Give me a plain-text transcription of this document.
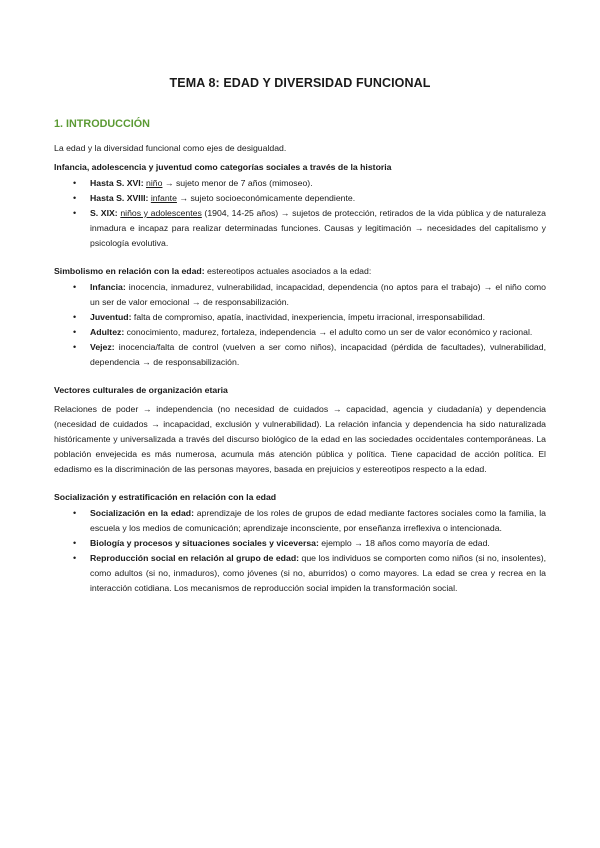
TEMA 8: EDAD Y DIVERSIDAD FUNCIONAL
1. INTRODUCCIÓN

La edad y la diversidad funcional como ejes de desigualdad.

Infancia, adolescencia y juventud como categorías sociales a través de la historia
• Hasta S. XVI: niño → sujeto menor de 7 años (mimoseo).
• Hasta S. XVIII: infante → sujeto socioeconómicamente dependiente.
• S. XIX: niños y adolescentes (1904, 14-25 años) → sujetos de protección, retirados de la vida pública y de naturaleza inmadura e incapaz para realizar determinadas funciones. Causas y legitimación → necesidades del capitalismo y psicología evolutiva.

Simbolismo en relación con la edad: estereotipos actuales asociados a la edad:

• Infancia: inocencia, inmadurez, vulnerabilidad, incapacidad, dependencia (no aptos para el trabajo) → el niño como un ser de valor emocional → de responsabilización.
• Juventud: falta de compromiso, apatía, inactividad, inexperiencia, ímpetu irracional, irresponsabilidad.
• Adultez: conocimiento, madurez, fortaleza, independencia → el adulto como un ser de valor económico y racional.
• Vejez: inocencia/falta de control (vuelven a ser como niños), incapacidad (pérdida de facultades), vulnerabilidad, dependencia → de responsabilización.
Vectores culturales de organización etaria

Relaciones de poder → independencia (no necesidad de cuidados → capacidad, agencia y ciudadanía) y dependencia (necesidad de cuidados → incapacidad, exclusión y vulnerabilidad). La relación infancia y dependencia ha sido naturalizada históricamente y universalizada a través del discurso biológico de la edad en las sociedades occidentales contemporáneas. La población envejecida es más numerosa, acumula más atención pública y política. Tiene capacidad de acción política. El edadismo es la discriminación de las personas mayores, basada en prejuicios y estereotipos respecto a la edad.

Socialización y estratificación en relación con la edad
• Socialización en la edad: aprendizaje de los roles de grupos de edad mediante factores sociales como la familia, la escuela y los medios de comunicación; aprendizaje inconsciente, por enseñanza irreflexiva o intencionada.
• Biología y procesos y situaciones sociales y viceversa: ejemplo → 18 años como mayoría de edad.
• Reproducción social en relación al grupo de edad: que los individuos se comporten como niños (si no, insolentes), como adultos (si no, inmaduros), como jóvenes (si no, aburridos) o como mayores. La edad se crea y recrea en la interacción cotidiana. Los mecanismos de reproducción social impiden la transformación social.
